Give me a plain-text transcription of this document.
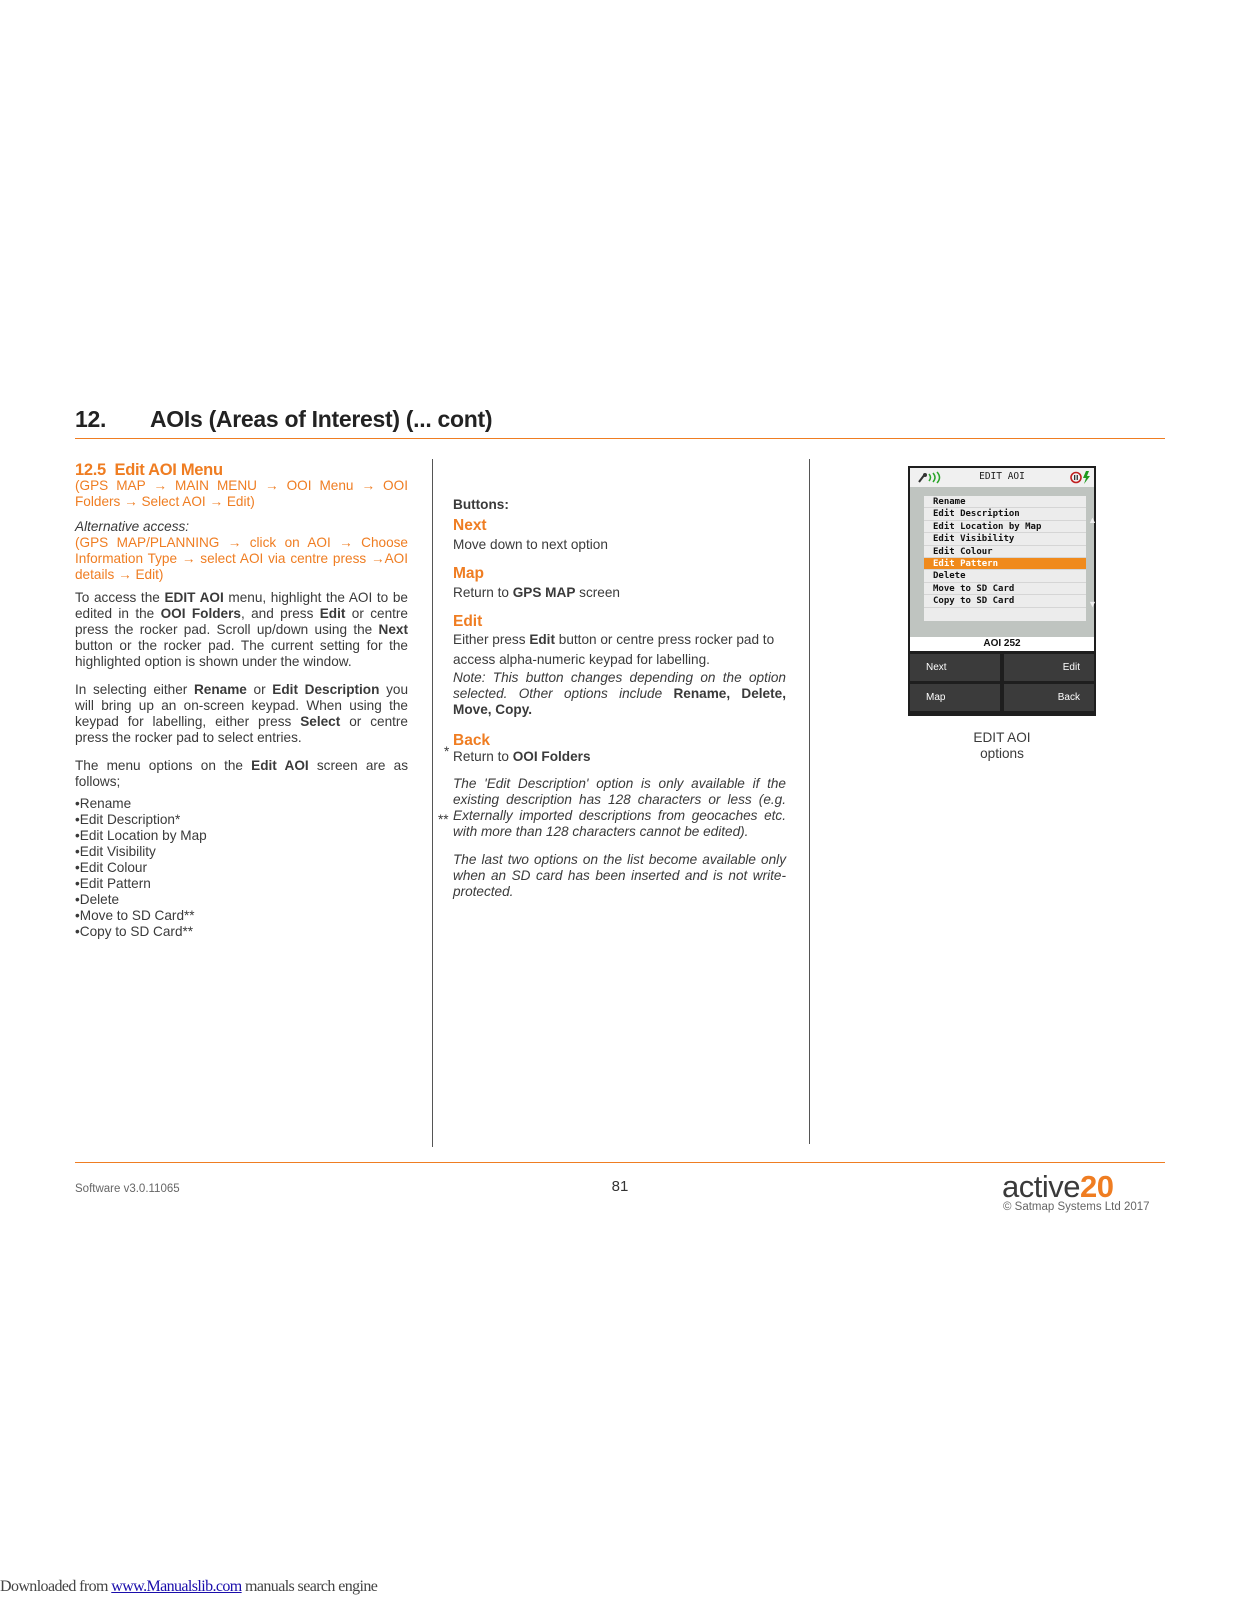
12. AOIs (Areas of Interest) (... cont)

12.5 Edit AOI Menu

(GPS MAP → MAIN MENU → OOI Menu → OOI Folders → Select AOI → Edit)

Alternative access:

(GPS MAP/PLANNING → click on AOI → Choose Information Type → select AOI via centre press →AOI details → Edit)

To access the EDIT AOI menu, highlight the AOI to be edited in the OOI Folders, and press Edit or centre press the rocker pad. Scroll up/down using the Next button or the rocker pad. The current setting for the highlighted option is shown under the window.

In selecting either Rename or Edit Description you will bring up an on-screen keypad. When using the keypad for labelling, either press Select or centre press the rocker pad to select entries.

The menu options on the Edit AOI screen are as follows;

• Rename
• Edit Description*
• Edit Location by Map
• Edit Visibility
• Edit Colour
• Edit Pattern
• Delete
• Move to SD Card**
• Copy to SD Card**

Buttons:

Next

Move down to next option

Map

Return to GPS MAP screen

Edit

Either press Edit button or centre press rocker pad to access alpha-numeric keypad for labelling.

Note: This button changes depending on the option selected. Other options include Rename, Delete, Move, Copy.

Back

* Return to OOI Folders

The 'Edit Description' option is only available if the existing description has 128 characters or less (e.g. Externally imported descriptions from geocaches etc. with more than 128 characters cannot be edited).
**

The last two options on the list become available only when an SD card has been inserted and is not write-protected.

EDIT AOI
Rename
Edit Description
Edit Location by Map
Edit Visibility
Edit Colour
Edit Pattern
Delete
Move to SD Card
Copy to SD Card
▲
▼
AOI 252
Next	Edit
Map	Back

EDIT AOI

options

Software v3.0.11065	81	active20
© Satmap Systems Ltd 2017
Downloaded from www.Manualslib.com manuals search engine
